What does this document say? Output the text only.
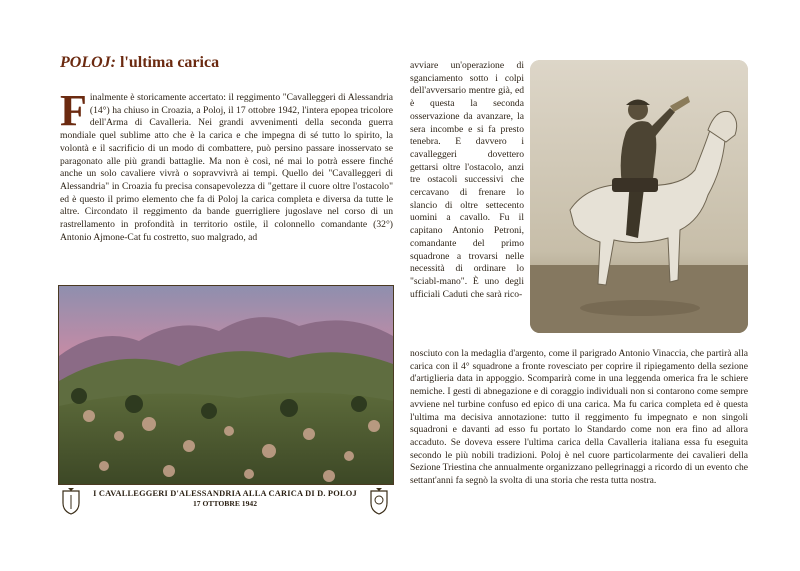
POLOJ: l'ultima carica

Finalmente è storicamente accertato: il reggimento "Cavalleggeri di Alessandria (14°) ha chiuso in Croazia, a Poloj, il 17 ottobre 1942, l'intera epopea tricolore dell'Arma di Cavalleria. Nei grandi avvenimenti della seconda guerra mondiale quel sublime atto che è la carica e che impegna di sé tutto lo spirito, la volontà e il sacrificio di un modo di combattere, può persino passare inosservato se paragonato alle più grandi battaglie. Ma non è così, né mai lo potrà essere finché anche un solo cavaliere vivrà o sopravvivrà ai tempi. Quello dei "Cavalleggeri di Alessandria" in Croazia fu precisa consapevolezza di "gettare il cuore oltre l'ostacolo" ed è questo il primo elemento che fa di Poloj la carica completa e diversa da tutte le altre. Circondato il reggimento da bande guerrigliere jugoslave nel corso di un rastrellamento in profondità in territorio ostile, il colonnello comandante (32°) Antonio Ajmone-Cat fu costretto, suo malgrado, ad

avviare un'operazione di sganciamento sotto i colpi dell'avversario mentre già, ed è questa la seconda osservazione da avanzare, la sera incombe e si fa presto tenebra. E davvero i cavalleggeri dovettero gettarsi oltre l'ostacolo, anzi tre ostacoli successivi che cercavano di frenare lo slancio di oltre settecento uomini a cavallo. Fu il capitano Antonio Petroni, comandante del primo squadrone a trovarsi nelle necessità di ordinare lo "sciabl-mano". È uno degli ufficiali Caduti che sarà rico-

I CAVALLEGGERI D'ALESSANDRIA ALLA CARICA DI D. POLOJ
17 OTTOBRE 1942

nosciuto con la medaglia d'argento, come il parigrado Antonio Vinaccia, che partirà alla carica con il 4° squadrone a fronte rovesciato per coprire il ripiegamento della sezione d'artiglieria data in appoggio. Scomparirà come in una leggenda omerica fra le schiere nemiche. I gesti di abnegazione e di coraggio individuali non si contarono come sempre avviene nel turbine confuso ed epico di una carica. Ma fu carica completa ed è questa l'ultima ma decisiva annotazione: tutto il reggimento fu impegnato e non singoli squadroni e davanti ad esso fu portato lo Standardo come non era fino ad allora accaduto. Se doveva essere l'ultima carica della Cavalleria italiana essa fu eseguita secondo le più nobili tradizioni. Poloj è nel cuore particolarmente dei cavalieri della Sezione Triestina che annualmente organizzano pellegrinaggi a ricordo di un evento che settant'anni fa segnò la svolta di una storia che resta tutta nostra.
